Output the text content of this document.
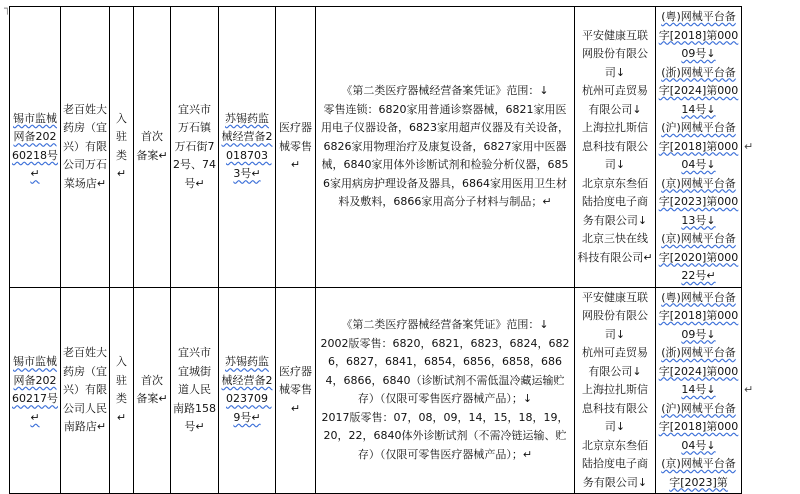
┐
锡市监械网备20260218号↵	老百姓大药房（宜兴）有限公司万石菜场店↵	入驻类↵	首次备案↵	宜兴市万石镇万石街72号、74号↵	苏锡药监械经营备2018703 3号↵	医疗器械零售↵	《第二类医疗器械经营备案凭证》范围：↓
零售连锁：6820家用普通诊察器械，6821家用医用电子仪器设备，6823家用超声仪器及有关设备，6826家用物理治疗及康复设备，6827家用中医器械，6840家用体外诊断试剂和检验分析仪器，6856家用病房护理设备及器具，6864家用医用卫生材料及敷料，6866家用高分子材料与制品；↵	平安健康互联网股份有限公司↓
杭州可垚贸易有限公司↓
上海拉扎斯信息科技有限公司↓
北京京东叁佰陆拾度电子商务有限公司↓
北京三快在线科技有限公司↵	(粤)网械平台备字[2018]第00009号↓
(浙)网械平台备字[2024]第00014号↓
(沪)网械平台备字[2018]第00004号↓
(京)网械平台备字[2023]第00013号↓
(京)网械平台备字[2020]第00022号↵	↵
锡市监械网备20260217号↵	老百姓大药房（宜兴）有限公司人民南路店↵	入驻类↵	首次备案↵	宜兴市宜城街道人民南路158号↵	苏锡药监械经营备2023709 9号↵	医疗器械零售↵	《第二类医疗器械经营备案凭证》范围：↓
2002版零售：6820，6821，6823，6824，6826，6827，6841，6854，6856，6858，6864，6866，6840（诊断试剂不需低温冷藏运输贮存）（仅限可零售医疗器械产品）；↓
2017版零售：07，08，09，14，15，18，19，20，22，6840体外诊断试剂（不需冷链运输、贮存）（仅限可零售医疗器械产品）；↵	平安健康互联网股份有限公司↓
杭州可垚贸易有限公司↓
上海拉扎斯信息科技有限公司↓
北京京东叁佰陆拾度电子商务有限公司↓	(粤)网械平台备字[2018]第00009号↓
(浙)网械平台备字[2024]第00014号↓
(沪)网械平台备字[2018]第00004号↓
(京)网械平台备字[2023]第	↵
